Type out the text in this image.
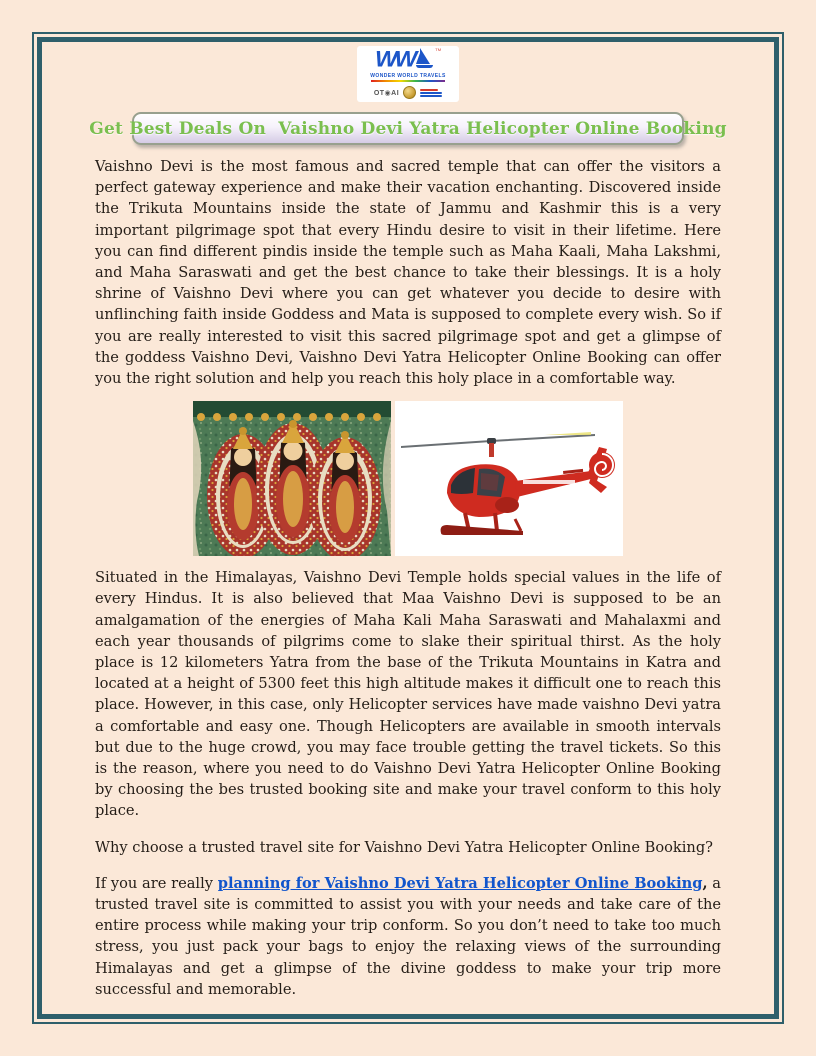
WW	TM
WONDER WORLD TRAVELS
OT◉AI
Get Best Deals On  Vaishno Devi Yatra Helicopter Online Booking

Vaishno Devi is the most famous and sacred temple that can offer the visitors a perfect gateway experience and make their vacation enchanting. Discovered inside the Trikuta Mountains inside the state of Jammu and Kashmir this is a very important pilgrimage spot that every Hindu desire to visit in their lifetime. Here you can find different pindis inside the temple such as Maha Kaali, Maha Lakshmi, and Maha Saraswati and get the best chance to take their blessings. It is a holy shrine of Vaishno Devi where you can get whatever you decide to desire with unflinching faith inside Goddess and Mata is supposed to complete every wish. So if you are really interested to visit this sacred pilgrimage spot and get a glimpse of the goddess Vaishno Devi, Vaishno Devi Yatra Helicopter Online Booking can offer you the right solution and help you reach this holy place in a comfortable way.

Situated in the Himalayas, Vaishno Devi Temple holds special values in the life of every Hindus. It is also believed that Maa Vaishno Devi is supposed to be an amalgamation of the energies of Maha Kali Maha Saraswati and Mahalaxmi and each year thousands of pilgrims come to slake their spiritual thirst. As the holy place is 12 kilometers Yatra from the base of the Trikuta Mountains in Katra and located at a height of 5300 feet this high altitude makes it difficult one to reach this place. However, in this case, only Helicopter services have made vaishno Devi yatra a comfortable and easy one. Though Helicopters are available in smooth intervals but due to the huge crowd, you may face trouble getting the travel tickets. So this is the reason, where you need to do Vaishno Devi Yatra Helicopter Online Booking by choosing the bes trusted booking site and make your travel conform to this holy place.

Why choose a trusted travel site for Vaishno Devi Yatra Helicopter Online Booking?

If you are really planning for Vaishno Devi Yatra Helicopter Online Booking, a trusted travel site is committed to assist you with your needs and take care of the entire process while making your trip conform. So you don’t need to take too much stress, you just pack your bags to enjoy the relaxing views of the surrounding Himalayas and get a glimpse of the divine goddess to make your trip more successful and memorable.
